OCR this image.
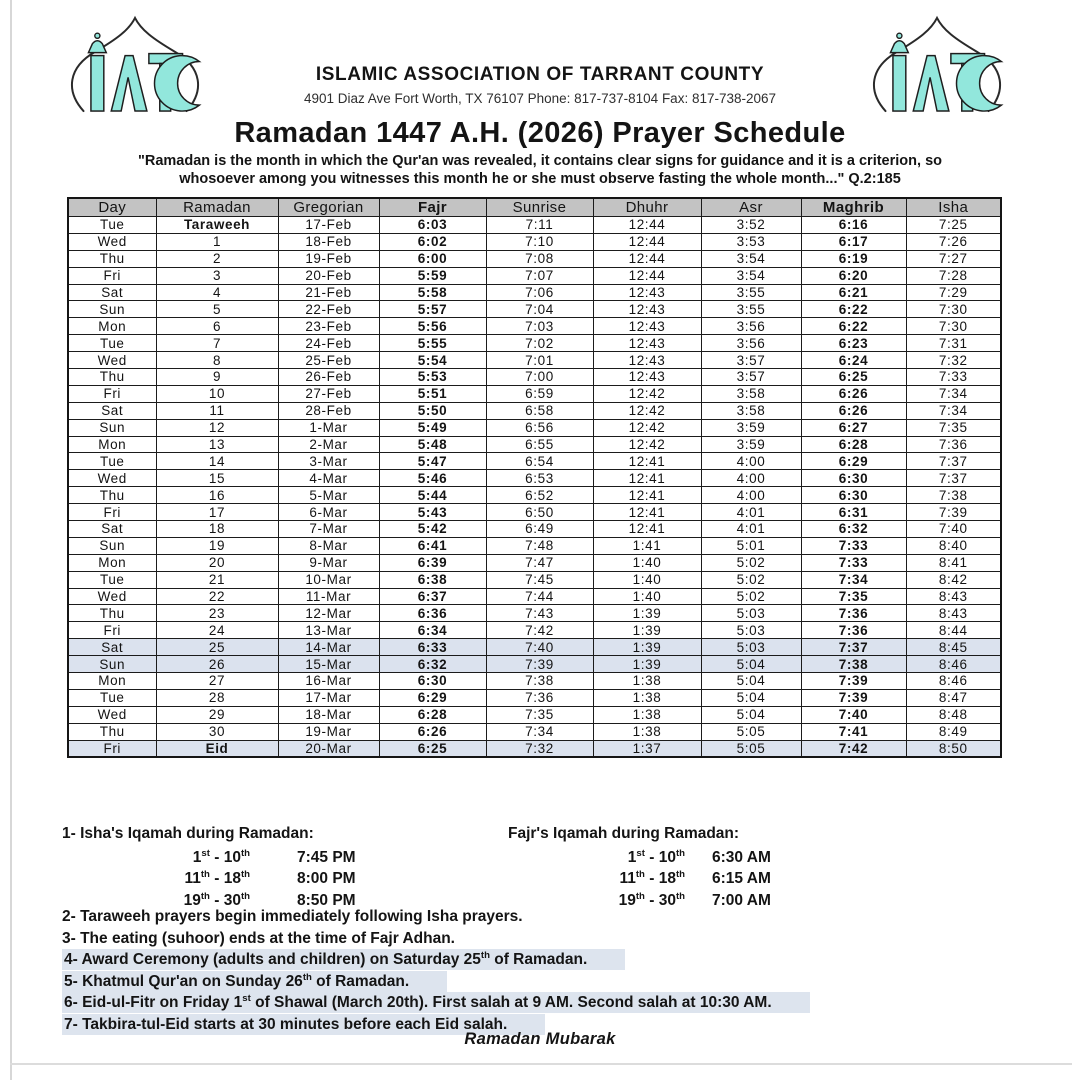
ISLAMIC ASSOCIATION OF TARRANT COUNTY
4901 Diaz Ave Fort Worth, TX 76107 Phone: 817-737-8104 Fax: 817-738-2067
Ramadan 1447 A.H. (2026) Prayer Schedule
"Ramadan is the month in which the Qur'an was revealed, it contains clear signs for guidance and it is a criterion, so
whosoever among you witnesses this month he or she must observe fasting the whole month..." Q.2:185
Day	Ramadan	Gregorian	Fajr	Sunrise	Dhuhr	Asr	Maghrib	Isha
Tue	Taraweeh	17-Feb	6:03	7:11	12:44	3:52	6:16	7:25
Wed	1	18-Feb	6:02	7:10	12:44	3:53	6:17	7:26
Thu	2	19-Feb	6:00	7:08	12:44	3:54	6:19	7:27
Fri	3	20-Feb	5:59	7:07	12:44	3:54	6:20	7:28
Sat	4	21-Feb	5:58	7:06	12:43	3:55	6:21	7:29
Sun	5	22-Feb	5:57	7:04	12:43	3:55	6:22	7:30
Mon	6	23-Feb	5:56	7:03	12:43	3:56	6:22	7:30
Tue	7	24-Feb	5:55	7:02	12:43	3:56	6:23	7:31
Wed	8	25-Feb	5:54	7:01	12:43	3:57	6:24	7:32
Thu	9	26-Feb	5:53	7:00	12:43	3:57	6:25	7:33
Fri	10	27-Feb	5:51	6:59	12:42	3:58	6:26	7:34
Sat	11	28-Feb	5:50	6:58	12:42	3:58	6:26	7:34
Sun	12	1-Mar	5:49	6:56	12:42	3:59	6:27	7:35
Mon	13	2-Mar	5:48	6:55	12:42	3:59	6:28	7:36
Tue	14	3-Mar	5:47	6:54	12:41	4:00	6:29	7:37
Wed	15	4-Mar	5:46	6:53	12:41	4:00	6:30	7:37
Thu	16	5-Mar	5:44	6:52	12:41	4:00	6:30	7:38
Fri	17	6-Mar	5:43	6:50	12:41	4:01	6:31	7:39
Sat	18	7-Mar	5:42	6:49	12:41	4:01	6:32	7:40
Sun	19	8-Mar	6:41	7:48	1:41	5:01	7:33	8:40
Mon	20	9-Mar	6:39	7:47	1:40	5:02	7:33	8:41
Tue	21	10-Mar	6:38	7:45	1:40	5:02	7:34	8:42
Wed	22	11-Mar	6:37	7:44	1:40	5:02	7:35	8:43
Thu	23	12-Mar	6:36	7:43	1:39	5:03	7:36	8:43
Fri	24	13-Mar	6:34	7:42	1:39	5:03	7:36	8:44
Sat	25	14-Mar	6:33	7:40	1:39	5:03	7:37	8:45
Sun	26	15-Mar	6:32	7:39	1:39	5:04	7:38	8:46
Mon	27	16-Mar	6:30	7:38	1:38	5:04	7:39	8:46
Tue	28	17-Mar	6:29	7:36	1:38	5:04	7:39	8:47
Wed	29	18-Mar	6:28	7:35	1:38	5:04	7:40	8:48
Thu	30	19-Mar	6:26	7:34	1:38	5:05	7:41	8:49
Fri	Eid	20-Mar	6:25	7:32	1:37	5:05	7:42	8:50
1- Isha's Iqamah during Ramadan:	Fajr's Iqamah during Ramadan:
1st - 10th	7:45 PM	1st - 10th	6:30 AM
11th - 18th	8:00 PM	11th - 18th	6:15 AM
19th - 30th	8:50 PM	19th - 30th	7:00 AM
2- Taraweeh prayers begin immediately following Isha prayers.
3- The eating (suhoor) ends at the time of Fajr Adhan.
4- Award Ceremony (adults and children) on Saturday 25th of Ramadan.
5- Khatmul Qur'an on Sunday 26th of Ramadan.
6- Eid-ul-Fitr on Friday 1st of Shawal (March 20th). First salah at 9 AM. Second salah at 10:30 AM.
7- Takbira-tul-Eid starts at 30 minutes before each Eid salah.
Ramadan Mubarak
